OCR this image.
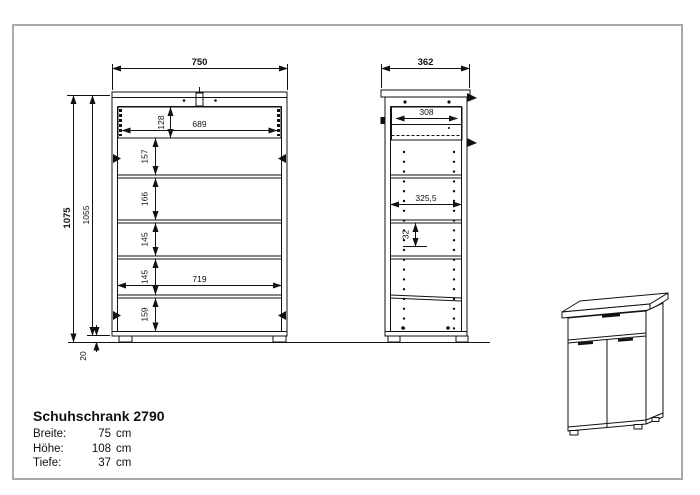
750
1075 1055
20
128	689
157
166
145
145
159
719
362
308
325,5
32
Schuhschrank 2790
Breite:	75 cm
Höhe:	108 cm
Tiefe:	37 cm
